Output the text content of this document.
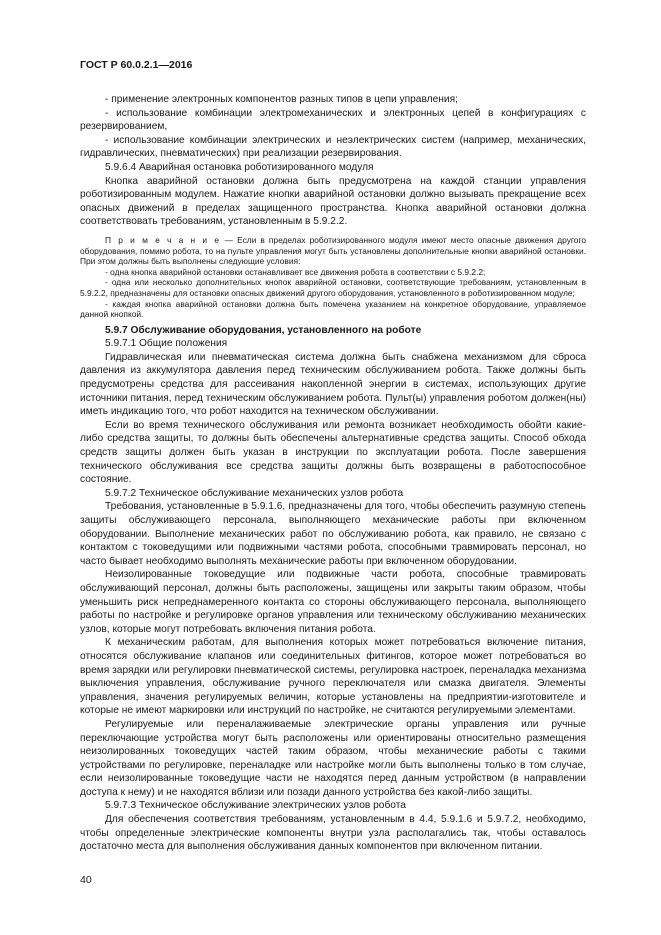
ГОСТ Р 60.0.2.1—2016

- применение электронных компонентов разных типов в цепи управления;

- использование комбинации электромеханических и электронных цепей в конфигурациях с резервированием,

- использование комбинации электрических и неэлектрических систем (например, механических, гидравлических, пневматических) при реализации резервирования.

5.9.6.4 Аварийная остановка роботизированного модуля

Кнопка аварийной остановки должна быть предусмотрена на каждой станции управления роботизированным модулем. Нажатие кнопки аварийной остановки должно вызывать прекращение всех опасных движений в пределах защищенного пространства. Кнопка аварийной остановки должна соответствовать требованиям, установленным в 5.9.2.2.

П р и м е ч а н и е — Если в пределах роботизированного модуля имеют место опасные движения другого оборудования, помимо робота, то на пульте управления могут быть установлены дополнительные кнопки аварийной остановки. При этом должны быть выполнены следующие условия:

- одна кнопка аварийной остановки останавливает все движения робота в соответствии с 5.9.2.2;

- одна или несколько дополнительных кнопок аварийной остановки, соответствующие требованиям, установленным в 5.9.2.2, предназначены для остановки опасных движений другого оборудования, установленного в роботизированном модуле;

- каждая кнопка аварийной остановки должна быть помечена указанием на конкретное оборудование, управляемое данной кнопкой.

5.9.7 Обслуживание оборудования, установленного на роботе

5.9.7.1 Общие положения

Гидравлическая или пневматическая система должна быть снабжена механизмом для сброса давления из аккумулятора давления перед техническим обслуживанием робота. Также должны быть предусмотрены средства для рассеивания накопленной энергии в системах, использующих другие источники питания, перед техническим обслуживанием робота. Пульт(ы) управления роботом должен(ны) иметь индикацию того, что робот находится на техническом обслуживании.

Если во время технического обслуживания или ремонта возникает необходимость обойти какие-либо средства защиты, то должны быть обеспечены альтернативные средства защиты. Способ обхода средств защиты должен быть указан в инструкции по эксплуатации робота. После завершения технического обслуживания все средства защиты должны быть возвращены в работоспособное состояние.

5.9.7.2 Техническое обслуживание механических узлов робота

Требования, установленные в 5.9.1.6, предназначены для того, чтобы обеспечить разумную степень защиты обслуживающего персонала, выполняющего механические работы при включенном оборудовании. Выполнение механических работ по обслуживанию робота, как правило, не связано с контактом с токоведущими или подвижными частями робота, способными травмировать персонал, но часто бывает необходимо выполнять механические работы при включенном оборудовании.

Неизолированные токоведущие или подвижные части робота, способные травмировать обслуживающий персонал, должны быть расположены, защищены или закрыты таким образом, чтобы уменьшить риск непреднамеренного контакта со стороны обслуживающего персонала, выполняющего работы по настройке и регулировке органов управления или техническому обслуживанию механических узлов, которые могут потребовать включения питания робота.

К механическим работам, для выполнения которых может потребоваться включение питания, относятся обслуживание клапанов или соединительных фитингов, которое может потребоваться во время зарядки или регулировки пневматической системы, регулировка настроек, переналадка механизма выключения управления, обслуживание ручного переключателя или смазка двигателя. Элементы управления, значения регулируемых величин, которые установлены на предприятии-изготовителе и которые не имеют маркировки или инструкций по настройке, не считаются регулируемыми элементами.

Регулируемые или переналаживаемые электрические органы управления или ручные переключающие устройства могут быть расположены или ориентированы относительно размещения неизолированных токоведущих частей таким образом, чтобы механические работы с такими устройствами по регулировке, переналадке или настройке могли быть выполнены только в том случае, если неизолированные токоведущие части не находятся перед данным устройством (в направлении доступа к нему) и не находятся вблизи или позади данного устройства без какой-либо защиты.

5.9.7.3 Техническое обслуживание электрических узлов робота

Для обеспечения соответствия требованиям, установленным в 4.4, 5.9.1.6 и 5.9.7.2, необходимо, чтобы определенные электрические компоненты внутри узла располагались так, чтобы оставалось достаточно места для выполнения обслуживания данных компонентов при включенном питании.

40
